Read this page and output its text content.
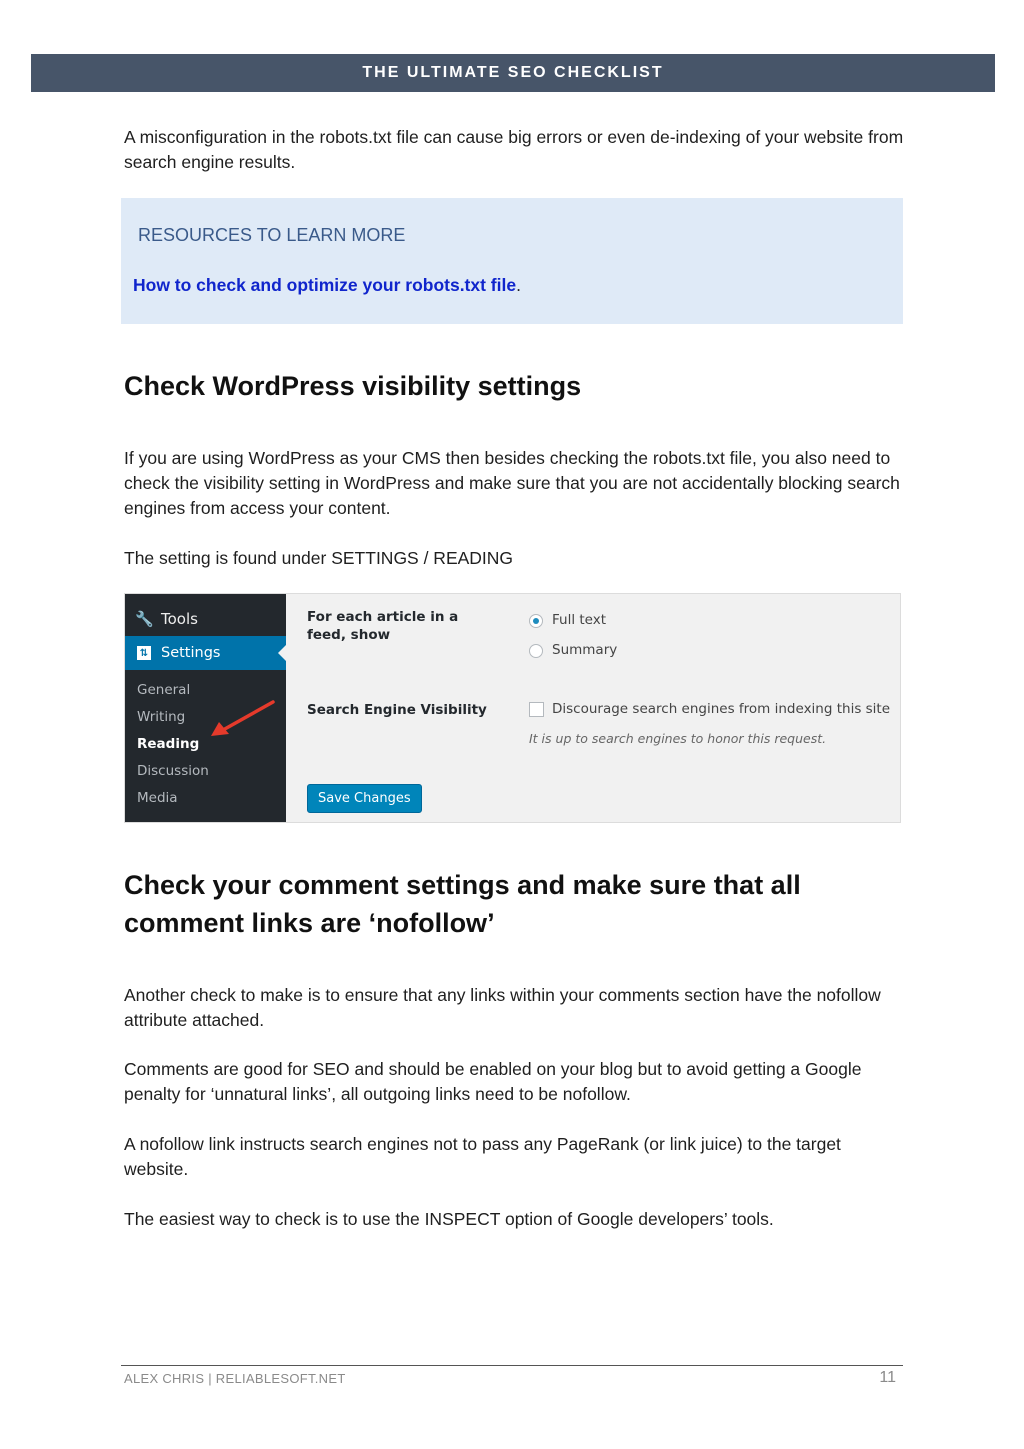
THE ULTIMATE SEO CHECKLIST

A misconfiguration in the robots.txt file can cause big errors or even de-indexing of your website from search engine results.

RESOURCES TO LEARN MORE
How to check and optimize your robots.txt file.
Check WordPress visibility settings

If you are using WordPress as your CMS then besides checking the robots.txt file, you also need to check the visibility setting in WordPress and make sure that you are not accidentally blocking search engines from access your content.

The setting is found under SETTINGS / READING

🔧 Tools
⇅ Settings
General
Writing
Reading
Discussion
Media
For each article in a feed, show
Full text
Summary
Search Engine Visibility	Discourage search engines from indexing this site
It is up to search engines to honor this request.
Save Changes
Check your comment settings and make sure that all comment links are ‘nofollow’

Another check to make is to ensure that any links within your comments section have the nofollow attribute attached.

Comments are good for SEO and should be enabled on your blog but to avoid getting a Google penalty for ‘unnatural links’, all outgoing links need to be nofollow.

A nofollow link instructs search engines not to pass any PageRank (or link juice) to the target website.

The easiest way to check is to use the INSPECT option of Google developers’ tools.

ALEX CHRIS | RELIABLESOFT.NET	11
